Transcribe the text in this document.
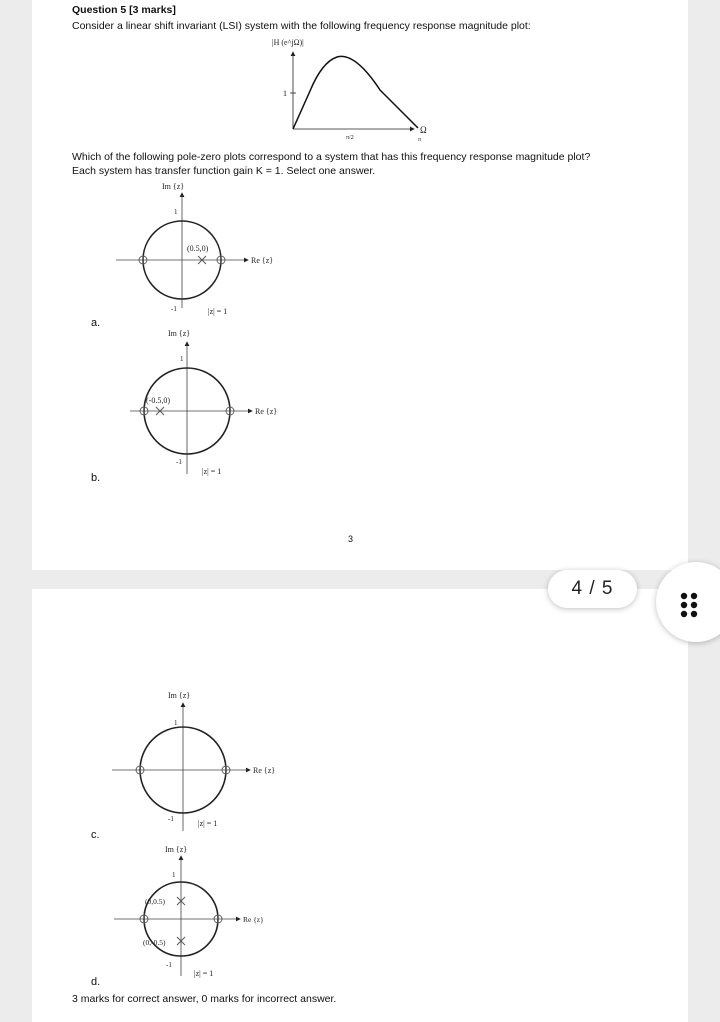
Question 5 [3 marks]
Consider a linear shift invariant (LSI) system with the following frequency response magnitude plot:
|H (e^jΩ)|
1
Ω
π/2	π
Which of the following pole-zero plots correspond to a system that has this frequency response magnitude plot?
Each system has transfer function gain K = 1. Select one answer.
Im {z}
1
-1
Re {z}
(0.5,0)
|z| = 1
a.
Im {z}
1
-1
Re {z}
(-0.5,0)
|z| = 1
b.
3
Im {z}
1
-1
Re {z}
|z| = 1
c.
Im {z}
1
-1
Re {z}
(0,0.5)
(0,-0.5)
|z| = 1
d.
3 marks for correct answer, 0 marks for incorrect answer.
4 / 5
